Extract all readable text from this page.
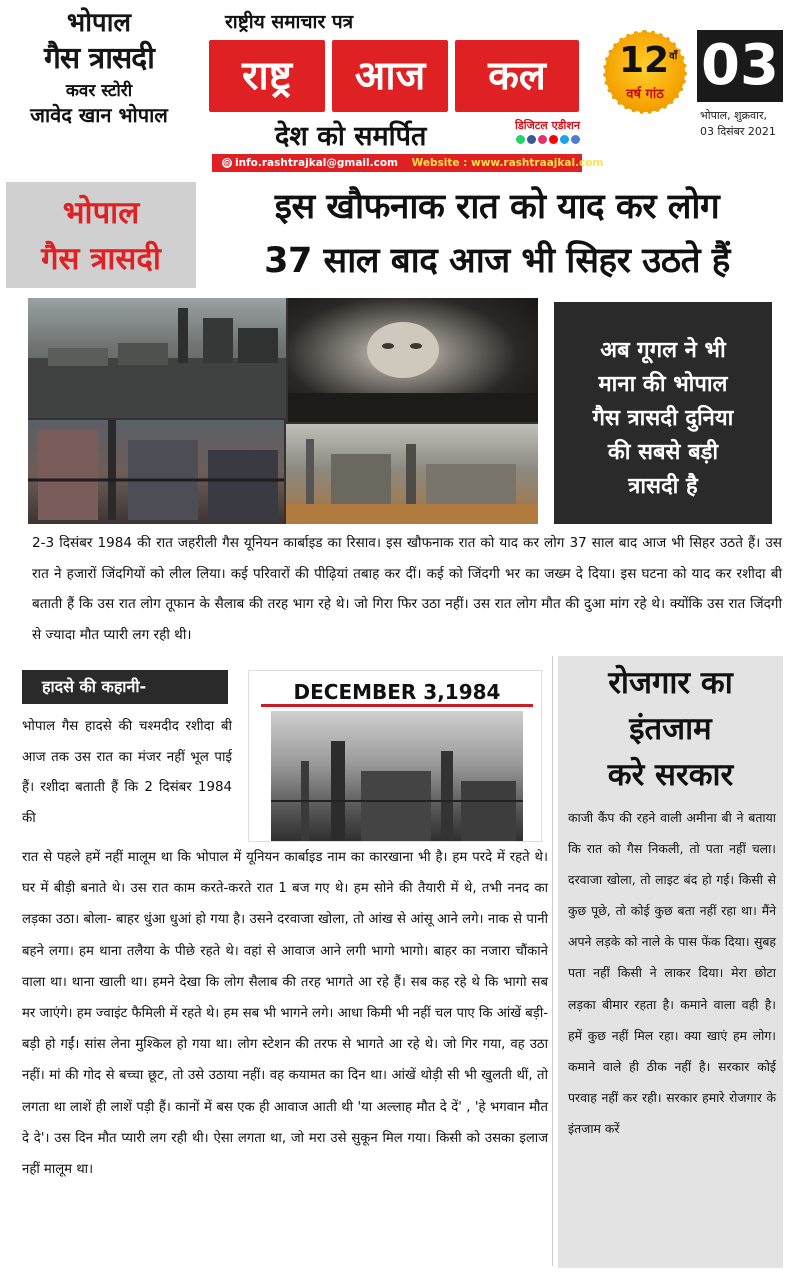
भोपाल
गैस त्रासदी
कवर स्टोरी
जावेद खान भोपाल
राष्ट्रीय समाचार पत्र
राष्ट्र	आज	कल
देश को समर्पित	डिजिटल एडीशन
$12^{वाँ}$
वर्ष गांठ 03
भोपाल, शुक्रवार,
03 दिसंबर 2021
@ info.rashtrajkal@gmail.com Website : www.rashtraajkal.com
भोपाल
गैस त्रासदी
इस खौफनाक रात को याद कर लोग
37 साल बाद आज भी सिहर उठते हैं
अब गूगल ने भी
माना की भोपाल
गैस त्रासदी दुनिया
की सबसे बड़ी
त्रासदी है

2-3 दिसंबर 1984 की रात जहरीली गैस यूनियन कार्बाइड का रिसाव। इस खौफनाक रात को याद कर लोग 37 साल बाद आज भी सिहर उठते हैं। उस रात ने हजारों जिंदगियों को लील लिया। कई परिवारों की पीढ़ियां तबाह कर दीं। कई को जिंदगी भर का जख्म दे दिया। इस घटना को याद कर रशीदा बी बताती हैं कि उस रात लोग तूफान के सैलाब की तरह भाग रहे थे। जो गिरा फिर उठा नहीं। उस रात लोग मौत की दुआ मांग रहे थे। क्योंकि उस रात जिंदगी से ज्यादा मौत प्यारी लग रही थी।

हादसे की कहानी-

भोपाल गैस हादसे की चश्मदीद रशीदा बी आज तक उस रात का मंजर नहीं भूल पाई हैं। रशीदा बताती हैं कि 2 दिसंबर 1984 की

DECEMBER 3,1984

रात से पहले हमें नहीं मालूम था कि भोपाल में यूनियन कार्बाइड नाम का कारखाना भी है। हम परदे में रहते थे। घर में बीड़ी बनाते थे। उस रात काम करते-करते रात 1 बज गए थे। हम सोने की तैयारी में थे, तभी ननद का लड़का उठा। बोला- बाहर धुंआ धुआं हो गया है। उसने दरवाजा खोला, तो आंख से आंसू आने लगे। नाक से पानी बहने लगा। हम थाना तलैया के पीछे रहते थे। वहां से आवाज आने लगी भागो भागो। बाहर का नजारा चौंकाने वाला था। थाना खाली था। हमने देखा कि लोग सैलाब की तरह भागते आ रहे हैं। सब कह रहे थे कि भागो सब मर जाएंगे। हम ज्वाइंट फैमिली में रहते थे। हम सब भी भागने लगे। आधा किमी भी नहीं चल पाए कि आंखें बड़ी-बड़ी हो गईं। सांस लेना मुश्किल हो गया था। लोग स्टेशन की तरफ से भागते आ रहे थे। जो गिर गया, वह उठा नहीं। मां की गोद से बच्चा छूट, तो उसे उठाया नहीं। वह कयामत का दिन था। आंखें थोड़ी सी भी खुलती थीं, तो लगता था लाशें ही लाशें पड़ी हैं। कानों में बस एक ही आवाज आती थी 'या अल्लाह मौत दे दें' , 'हे भगवान मौत दे दे'। उस दिन मौत प्यारी लग रही थी। ऐसा लगता था, जो मरा उसे सुकून मिल गया। किसी को उसका इलाज नहीं मालूम था।

रोजगार का
इंतजाम
करे सरकार

काजी कैंप की रहने वाली अमीना बी ने बताया कि रात को गैस निकली, तो पता नहीं चला। दरवाजा खोला, तो लाइट बंद हो गई। किसी से कुछ पूछे, तो कोई कुछ बता नहीं रहा था। मैंने अपने लड़के को नाले के पास फेंक दिया। सुबह पता नहीं किसी ने लाकर दिया। मेरा छोटा लड़का बीमार रहता है। कमाने वाला वही है। हमें कुछ नहीं मिल रहा। क्या खाएं हम लोग। कमाने वाले ही ठीक नहीं है। सरकार कोई परवाह नहीं कर रही। सरकार हमारे रोजगार के इंतजाम करें
